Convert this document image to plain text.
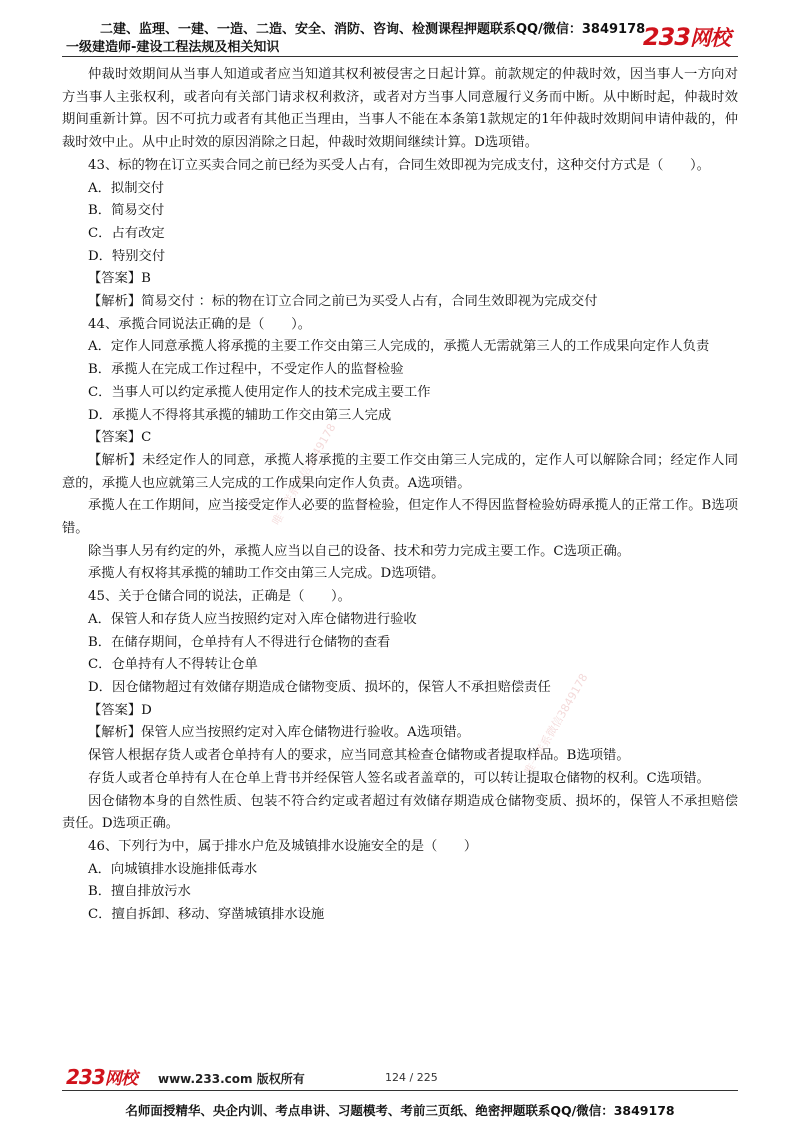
二建、监理、一建、一造、二造、安全、消防、咨询、检测课程押题联系QQ/微信：3849178
一级建造师-建设工程法规及相关知识	233网校
唯一联系微信3849178
唯一联系微信3849178

仲裁时效期间从当事人知道或者应当知道其权利被侵害之日起计算。前款规定的仲裁时效，因当事人一方向对方当事人主张权利，或者向有关部门请求权利救济，或者对方当事人同意履行义务而中断。从中断时起，仲裁时效期间重新计算。因不可抗力或者有其他正当理由，当事人不能在本条第1款规定的1年仲裁时效期间申请仲裁的，仲裁时效中止。从中止时效的原因消除之日起，仲裁时效期间继续计算。D选项错。

43、标的物在订立买卖合同之前已经为买受人占有，合同生效即视为完成支付，这种交付方式是（　　）。

A．拟制交付

B．简易交付

C．占有改定

D．特别交付

【答案】B

【解析】简易交付 ：标的物在订立合同之前已为买受人占有，合同生效即视为完成交付

44、承揽合同说法正确的是（　　）。

A．定作人同意承揽人将承揽的主要工作交由第三人完成的，承揽人无需就第三人的工作成果向定作人负责

B．承揽人在完成工作过程中，不受定作人的监督检验

C．当事人可以约定承揽人使用定作人的技术完成主要工作

D．承揽人不得将其承揽的辅助工作交由第三人完成

【答案】C

【解析】未经定作人的同意，承揽人将承揽的主要工作交由第三人完成的，定作人可以解除合同；经定作人同意的，承揽人也应就第三人完成的工作成果向定作人负责。A选项错。

承揽人在工作期间，应当接受定作人必要的监督检验，但定作人不得因监督检验妨碍承揽人的正常工作。B选项错。

除当事人另有约定的外，承揽人应当以自己的设备、技术和劳力完成主要工作。C选项正确。

承揽人有权将其承揽的辅助工作交由第三人完成。D选项错。

45、关于仓储合同的说法，正确是（　　）。

A．保管人和存货人应当按照约定对入库仓储物进行验收

B．在储存期间，仓单持有人不得进行仓储物的查看

C．仓单持有人不得转让仓单

D．因仓储物超过有效储存期造成仓储物变质、损坏的，保管人不承担赔偿责任

【答案】D

【解析】保管人应当按照约定对入库仓储物进行验收。A选项错。

保管人根据存货人或者仓单持有人的要求，应当同意其检查仓储物或者提取样品。B选项错。

存货人或者仓单持有人在仓单上背书并经保管人签名或者盖章的，可以转让提取仓储物的权利。C选项错。

因仓储物本身的自然性质、包装不符合约定或者超过有效储存期造成仓储物变质、损坏的，保管人不承担赔偿责任。D选项正确。

46、下列行为中，属于排水户危及城镇排水设施安全的是（　　）

A．向城镇排水设施排低毒水

B．擅自排放污水

C．擅自拆卸、移动、穿凿城镇排水设施

233网校 www.233.com 版权所有	124 / 225
名师面授精华、央企内训、考点串讲、习题模考、考前三页纸、绝密押题联系QQ/微信：3849178
